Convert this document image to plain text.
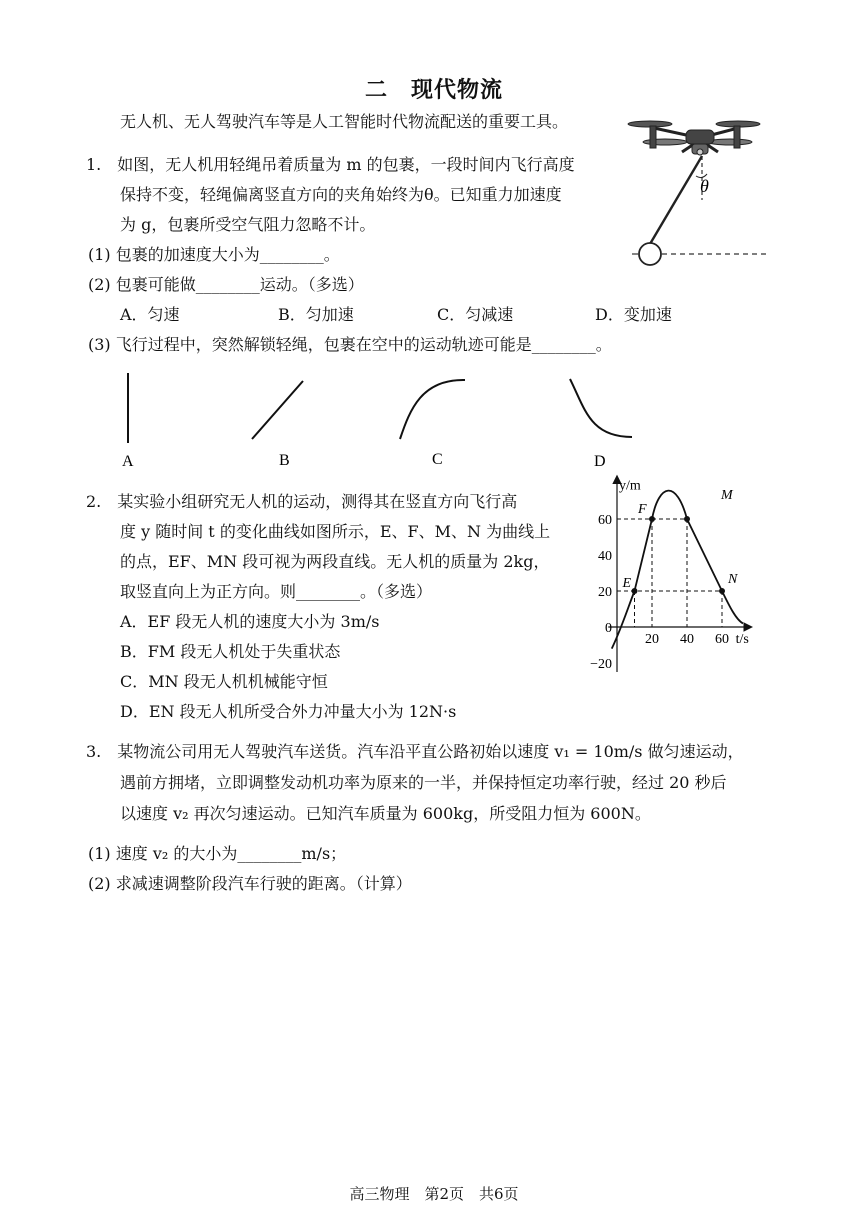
二　现代物流
无人机、无人驾驶汽车等是人工智能时代物流配送的重要工具。
1.　如图，无人机用轻绳吊着质量为 m 的包裹，一段时间内飞行高度
保持不变，轻绳偏离竖直方向的夹角始终为θ。已知重力加速度
为 g，包裹所受空气阻力忽略不计。
(1) 包裹的加速度大小为________。
(2) 包裹可能做________运动。（多选）
A．匀速	B．匀加速	C．匀减速	D．变加速
(3) 飞行过程中，突然解锁轻绳，包裹在空中的运动轨迹可能是________。
θ
A	B	C	D
2.　某实验小组研究无人机的运动，测得其在竖直方向飞行高
度 y 随时间 t 的变化曲线如图所示，E、F、M、N 为曲线上
的点，EF、MN 段可视为两段直线。无人机的质量为 2kg，
取竖直向上为正方向。则________。（多选）
A．EF 段无人机的速度大小为 3m/s
B．FM 段无人机处于失重状态
C．MN 段无人机机械能守恒
D．EN 段无人机所受合外力冲量大小为 12N·s
y/m
t/s
20 40 60
60
40
20
0
−20
E
F
M
N
3.　某物流公司用无人驾驶汽车送货。汽车沿平直公路初始以速度 v₁ = 10m/s 做匀速运动，
遇前方拥堵，立即调整发动机功率为原来的一半，并保持恒定功率行驶，经过 20 秒后
以速度 v₂ 再次匀速运动。已知汽车质量为 600kg，所受阻力恒为 600N。
(1) 速度 v₂ 的大小为________m/s；
(2) 求减速调整阶段汽车行驶的距离。（计算）
高三物理　第2页　共6页
